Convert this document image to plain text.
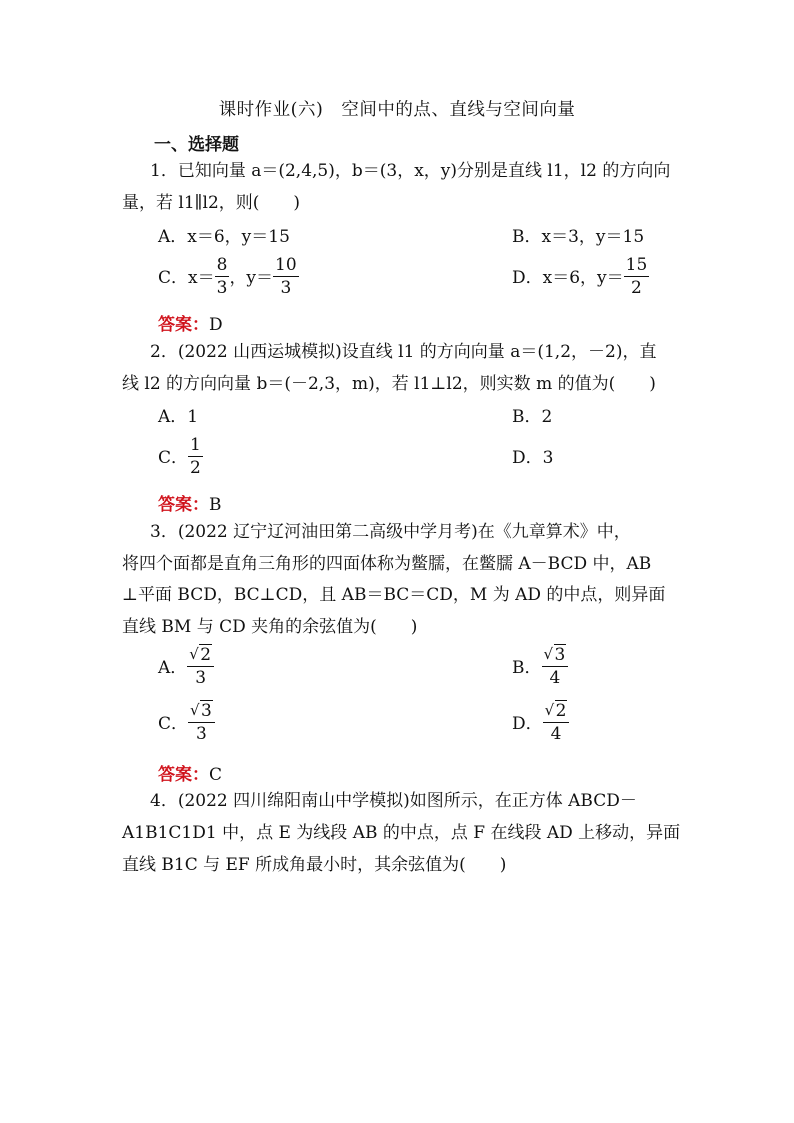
课时作业(六)　空间中的点、直线与空间向量
一、选择题
1．已知向量 a＝(2,4,5)，b＝(3，x，y)分别是直线 l1，l2 的方向向
量，若 l1∥l2，则(　　)
A．x＝6，y＝15	B．x＝3，y＝15
C．$x= \frac{8}{3}$ ，$y= \frac{10}{3}$	D．x＝6，$y= \frac{15}{2}$
答案：D
2．(2022 山西运城模拟)设直线 l1 的方向向量 a＝(1,2，－2)，直
线 l2 的方向向量 b＝(－2,3，m)，若 l1⊥l2，则实数 m 的值为(　　)
A．1	B．2
C． $\frac{1}{2}$	D．3
答案：B
3．(2022 辽宁辽河油田第二高级中学月考)在《九章算术》中，
将四个面都是直角三角形的四面体称为鳖臑，在鳖臑 A－BCD 中，AB
⊥平面 BCD，BC⊥CD，且 AB＝BC＝CD，M 为 AD 的中点，则异面
直线 BM 与 CD 夹角的余弦值为(　　)
A． $\frac{√ 2}{3}$	B． $\frac{√ 3}{4}$
C． $\frac{√ 3}{3}$	D． $\frac{√ 2}{4}$
答案：C
4．(2022 四川绵阳南山中学模拟)如图所示，在正方体 ABCD－
A1B1C1D1 中，点 E 为线段 AB 的中点，点 F 在线段 AD 上移动，异面
直线 B1C 与 EF 所成角最小时，其余弦值为(　　)
